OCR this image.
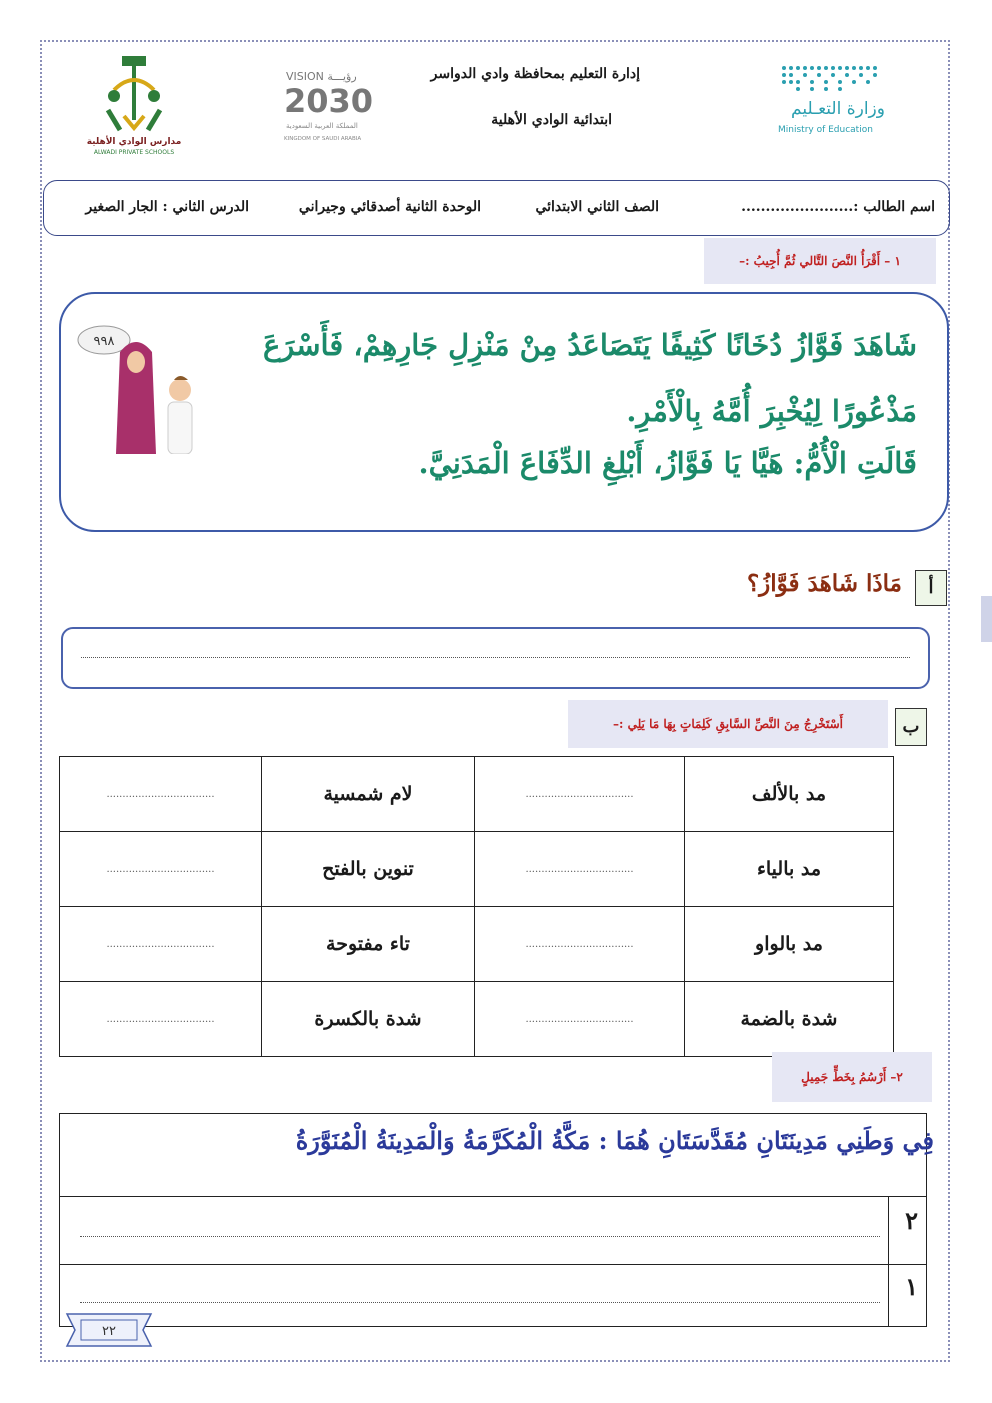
وزارة التعـليم
Ministry of Education
VISION رؤيـــة
2030
المملكة العربية السعودية
KINGDOM OF SAUDI ARABIA
مدارس الوادي الأهلية
ALWADI PRIVATE SCHOOLS
إدارة التعليم بمحافظة وادي الدواسر
ابتدائية الوادي الأهلية
اسم الطالب :.......................
الصف الثاني الابتدائي
الوحدة الثانية أصدقائي وجيراني
الدرس الثاني : الجار الصغير
١ – أَقْرَأُ النَّصَ التَّالي ثُمَّ أُجِيبُ :–
شَاهَدَ فَوَّازُ دُخَانًا كَثِيفًا يَتَصَاعَدُ مِنْ مَنْزِلِ جَارِهِمْ، فَأَسْرَعَ
مَذْعُورًا لِيُخْبِرَ أُمَّهُ بِالْأَمْرِ.
قَالَتِ الْأُمُّ: هَيَّا يَا فَوَّازُ، أَبْلِغِ الدِّفَاعَ الْمَدَنِيَّ.
٩٩٨
أ
مَاذَا شَاهَدَ فَوَّازُ؟
ب
أَسْتَخْرِجُ مِنَ النَّصِّ السَّابِقِ كَلِمَاتٍ بِهَا مَا يَلِي :–
مد بالألف	..................................	لام شمسية	..................................
مد بالياء	..................................	تنوين بالفتح	..................................
مد بالواو	..................................	تاء مفتوحة	..................................
شدة بالضمة	..................................	شدة بالكسرة	..................................
٢– أَرْسُمُ بِخَطٍّ جَمِيلٍ
٢
١
فِي وَطَنِي مَدِينَتَانِ مُقَدَّسَتَانِ هُمَا : مَكَّةُ الْمُكَرَّمَةُ وَالْمَدِينَةُ الْمُنَوَّرَةُ
٢٢
